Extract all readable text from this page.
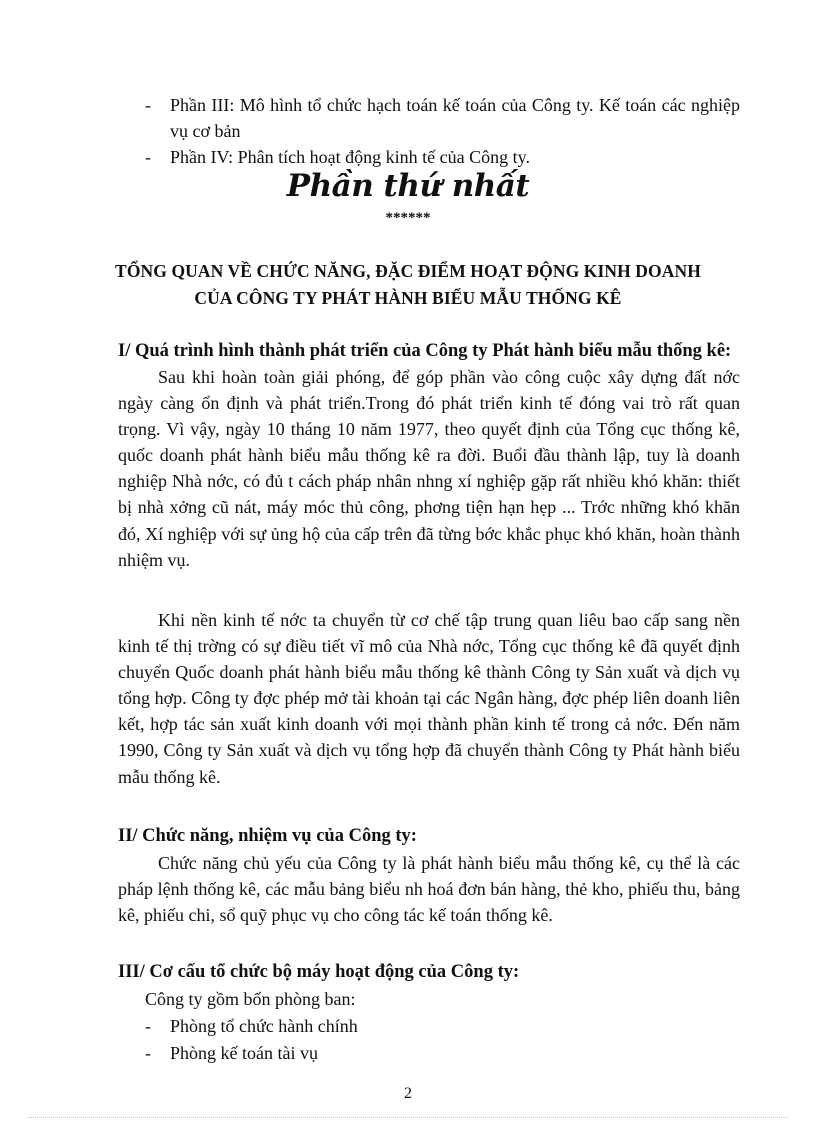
- Phần III: Mô hình tổ chức hạch toán kế toán của Công ty. Kế toán các nghiệp vụ cơ bản
- Phần IV: Phân tích hoạt động kinh tế của Công ty.
Phần thứ nhất
******
TỔNG QUAN VỀ CHỨC NĂNG, ĐẶC ĐIỂM HOẠT ĐỘNG KINH DOANH
CỦA CÔNG TY PHÁT HÀNH BIỂU MẪU THỐNG KÊ
I/ Quá trình hình thành phát triển của Công ty Phát hành biểu mẫu thống kê:
Sau khi hoàn toàn giải phóng, để góp phần vào công cuộc xây dựng đất nớc ngày càng ổn định và phát triển.Trong đó phát triển kinh tế đóng vai trò rất quan trọng. Vì vậy, ngày 10 tháng 10 năm 1977, theo quyết định của Tổng cục thống kê, quốc doanh phát hành biểu mẫu thống kê ra đời. Buổi đầu thành lập, tuy là doanh nghiệp Nhà nớc, có đủ t cách pháp nhân nhng xí nghiệp gặp rất nhiều khó khăn: thiết bị nhà xởng cũ nát, máy móc thủ công, phơng tiện hạn hẹp ... Trớc những khó khăn đó, Xí nghiệp với sự ủng hộ của cấp trên đã từng bớc khắc phục khó khăn, hoàn thành nhiệm vụ.
Khi nền kinh tế nớc ta chuyển từ cơ chế tập trung quan liêu bao cấp sang nền kinh tế thị trờng có sự điều tiết vĩ mô của Nhà nớc, Tổng cục thống kê đã quyết định chuyển Quốc doanh phát hành biểu mẫu thống kê thành Công ty Sản xuất và dịch vụ tổng hợp. Công ty đợc phép mở tài khoản tại các Ngân hàng, đợc phép liên doanh liên kết, hợp tác sản xuất kinh doanh với mọi thành phần kinh tế trong cả nớc. Đến năm 1990, Công ty Sản xuất và dịch vụ tổng hợp đã chuyển thành Công ty Phát hành biểu mẫu thống kê.
II/ Chức năng, nhiệm vụ của Công ty:
Chức năng chủ yếu của Công ty là phát hành biểu mẫu thống kê, cụ thể là các pháp lệnh thống kê, các mẫu bảng biểu nh hoá đơn bán hàng, thẻ kho, phiếu thu, bảng kê, phiếu chi, sổ quỹ phục vụ cho công tác kế toán thống kê.
III/ Cơ cấu tổ chức bộ máy hoạt động của Công ty:
Công ty gồm bốn phòng ban:
- Phòng tổ chức hành chính
- Phòng kế toán tài vụ
2
